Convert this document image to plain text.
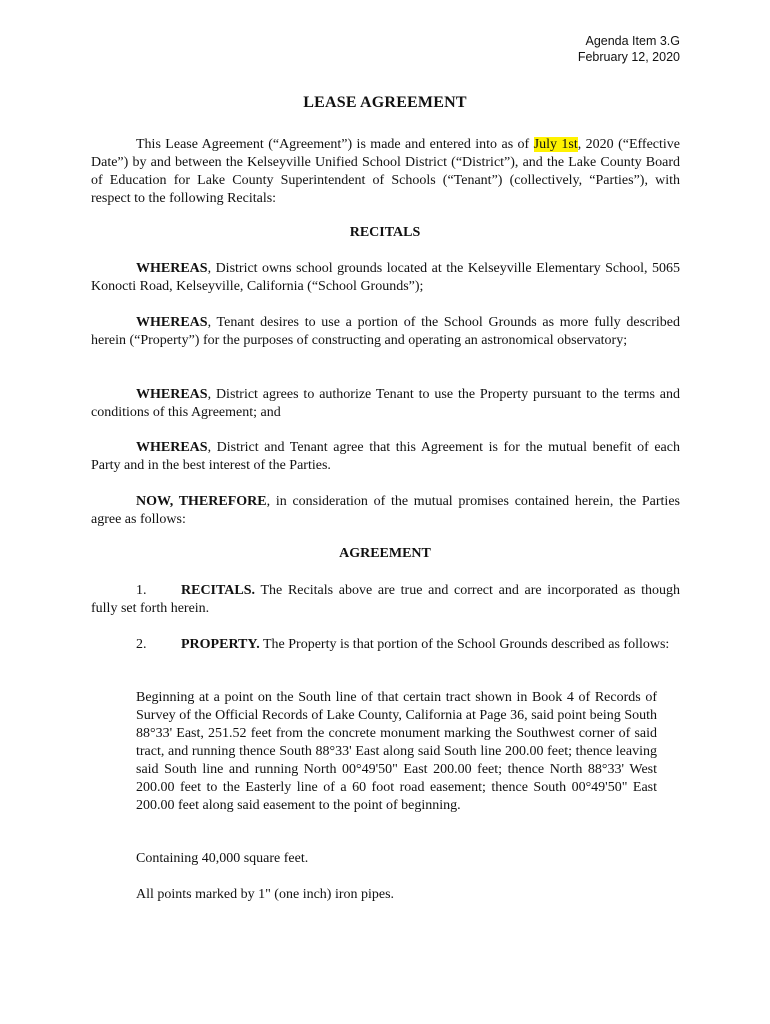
Agenda Item 3.G
February 12, 2020
LEASE AGREEMENT
This Lease Agreement (“Agreement”) is made and entered into as of July 1st, 2020 (“Effective Date”) by and between the Kelseyville Unified School District (“District”), and the Lake County Board of Education for Lake County Superintendent of Schools (“Tenant”) (collectively, “Parties”), with respect to the following Recitals:
RECITALS
WHEREAS, District owns school grounds located at the Kelseyville Elementary School, 5065 Konocti Road, Kelseyville, California (“School Grounds”);
WHEREAS, Tenant desires to use a portion of the School Grounds as more fully described herein (“Property”) for the purposes of constructing and operating an astronomical observatory;
WHEREAS, District agrees to authorize Tenant to use the Property pursuant to the terms and conditions of this Agreement; and
WHEREAS, District and Tenant agree that this Agreement is for the mutual benefit of each Party and in the best interest of the Parties.
NOW, THEREFORE, in consideration of the mutual promises contained herein, the Parties agree as follows:
AGREEMENT
1. RECITALS. The Recitals above are true and correct and are incorporated as though fully set forth herein.
2. PROPERTY. The Property is that portion of the School Grounds described as follows:
Beginning at a point on the South line of that certain tract shown in Book 4 of Records of Survey of the Official Records of Lake County, California at Page 36, said point being South 88°33' East, 251.52 feet from the concrete monument marking the Southwest corner of said tract, and running thence South 88°33' East along said South line 200.00 feet; thence leaving said South line and running North 00°49'50" East 200.00 feet; thence North 88°33' West 200.00 feet to the Easterly line of a 60 foot road easement; thence South 00°49'50" East 200.00 feet along said easement to the point of beginning.
Containing 40,000 square feet.
All points marked by 1" (one inch) iron pipes.
